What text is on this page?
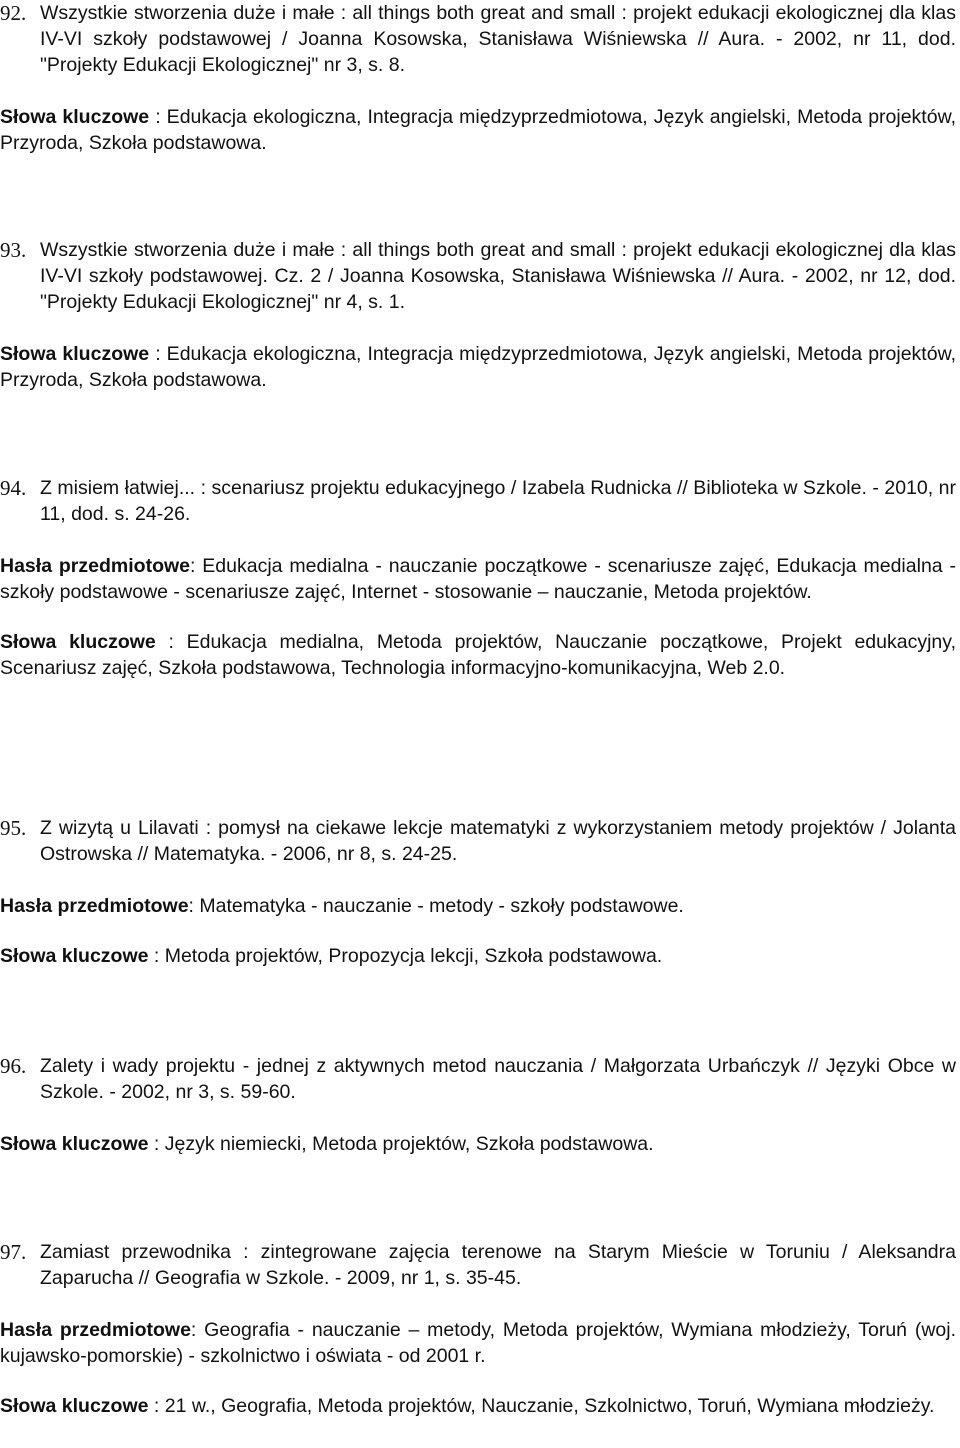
92. Wszystkie stworzenia duże i małe : all things both great and small : projekt edukacji ekologicznej dla klas IV-VI szkoły podstawowej / Joanna Kosowska, Stanisława Wiśniewska // Aura. - 2002, nr 11, dod. "Projekty Edukacji Ekologicznej" nr 3, s. 8.

Słowa kluczowe : Edukacja ekologiczna, Integracja międzyprzedmiotowa, Język angielski, Metoda projektów, Przyroda, Szkoła podstawowa.

93. Wszystkie stworzenia duże i małe : all things both great and small : projekt edukacji ekologicznej dla klas IV-VI szkoły podstawowej. Cz. 2 / Joanna Kosowska, Stanisława Wiśniewska // Aura. - 2002, nr 12, dod. "Projekty Edukacji Ekologicznej" nr 4, s. 1.

Słowa kluczowe : Edukacja ekologiczna, Integracja międzyprzedmiotowa, Język angielski, Metoda projektów, Przyroda, Szkoła podstawowa.

94. Z misiem łatwiej... : scenariusz projektu edukacyjnego / Izabela Rudnicka // Biblioteka w Szkole. - 2010, nr 11, dod. s. 24-26.

Hasła przedmiotowe: Edukacja medialna - nauczanie początkowe - scenariusze zajęć, Edukacja medialna - szkoły podstawowe - scenariusze zajęć, Internet - stosowanie – nauczanie, Metoda projektów.

Słowa kluczowe : Edukacja medialna, Metoda projektów, Nauczanie początkowe, Projekt edukacyjny, Scenariusz zajęć, Szkoła podstawowa, Technologia informacyjno-komunikacyjna, Web 2.0.

95. Z wizytą u Lilavati : pomysł na ciekawe lekcje matematyki z wykorzystaniem metody projektów / Jolanta Ostrowska // Matematyka. - 2006, nr 8, s. 24-25.

Hasła przedmiotowe: Matematyka - nauczanie - metody - szkoły podstawowe.

Słowa kluczowe : Metoda projektów, Propozycja lekcji, Szkoła podstawowa.

96. Zalety i wady projektu - jednej z aktywnych metod nauczania / Małgorzata Urbańczyk // Języki Obce w Szkole. - 2002, nr 3, s. 59-60.

Słowa kluczowe : Język niemiecki, Metoda projektów, Szkoła podstawowa.

97. Zamiast przewodnika : zintegrowane zajęcia terenowe na Starym Mieście w Toruniu / Aleksandra Zaparucha // Geografia w Szkole. - 2009, nr 1, s. 35-45.

Hasła przedmiotowe: Geografia - nauczanie – metody, Metoda projektów, Wymiana młodzieży, Toruń (woj. kujawsko-pomorskie) - szkolnictwo i oświata - od 2001 r.

Słowa kluczowe : 21 w., Geografia, Metoda projektów, Nauczanie, Szkolnictwo, Toruń, Wymiana młodzieży.
